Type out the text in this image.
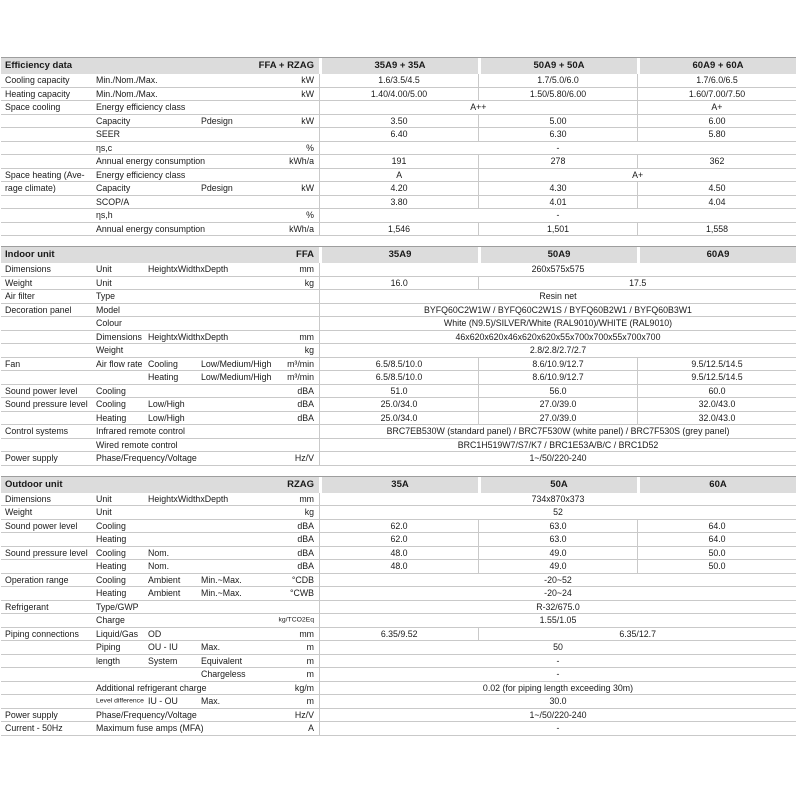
Efficiency data	FFA + RZAG	35A9 + 35A	50A9 + 50A	60A9 + 60A
Cooling capacity	Min./Nom./Max.	kW	1.6/3.5/4.5	1.7/5.0/6.0	1.7/6.0/6.5
Heating capacity	Min./Nom./Max.	kW	1.40/4.00/5.00	1.50/5.80/6.00	1.60/7.00/7.50
Space cooling	Energy efficiency class	A++	A+
Capacity	Pdesign	kW	3.50	5.00	6.00
SEER	6.40	6.30	5.80
ηs,c	%	-
Annual energy consumption	kWh/a	191	278	362
Space heating (Ave- Energy efficiency class	A	A+
rage climate)	Capacity	Pdesign	kW	4.20	4.30	4.50
SCOP/A	3.80	4.01	4.04
ηs,h	%	-
Annual energy consumption	kWh/a	1,546	1,501	1,558
Indoor unit	FFA	35A9	50A9	60A9
Dimensions	Unit	HeightxWidthxDepth	mm	260x575x575
Weight	Unit	kg	16.0	17.5
Air filter	Type	Resin net
Decoration panel	Model	BYFQ60C2W1W / BYFQ60C2W1S / BYFQ60B2W1 / BYFQ60B3W1
Colour	White (N9.5)/SILVER/White (RAL9010)/WHITE (RAL9010)
Dimensions HeightxWidthxDepth	mm	46x620x620x46x620x620x55x700x700x55x700x700
Weight	kg	2.8/2.8/2.7/2.7
Fan	Air flow rate Cooling	Low/Medium/High m³/min	6.5/8.5/10.0	8.6/10.9/12.7	9.5/12.5/14.5
Heating	Low/Medium/High m³/min	6.5/8.5/10.0	8.6/10.9/12.7	9.5/12.5/14.5
Sound power level Cooling	dBA	51.0	56.0	60.0
Sound pressure level Cooling	Low/High	dBA	25.0/34.0	27.0/39.0	32.0/43.0
Heating Low/High	dBA	25.0/34.0	27.0/39.0	32.0/43.0
Control systems	Infrared remote control	BRC7EB530W (standard panel) / BRC7F530W (white panel) / BRC7F530S (grey panel)
Wired remote control	BRC1H519W7/S7/K7 / BRC1E53A/B/C / BRC1D52
Power supply	Phase/Frequency/Voltage	Hz/V	1~/50/220-240
Outdoor unit	RZAG	35A	50A	60A
Dimensions	Unit	HeightxWidthxDepth	mm	734x870x373
Weight	Unit	kg	52
Sound power level Cooling	dBA	62.0	63.0	64.0
Heating	dBA	62.0	63.0	64.0
Sound pressure level Cooling	Nom.	dBA	48.0	49.0	50.0
Heating Nom.	dBA	48.0	49.0	50.0
Operation range	Cooling	Ambient Min.~Max.	°CDB	-20~52
Heating Ambient Min.~Max.	°CWB	-20~24
Refrigerant	Type/GWP	R-32/675.0
Charge	kg/TCO2Eq	1.55/1.05
Piping connections Liquid/Gas OD	mm	6.35/9.52	6.35/12.7
Piping	OU - IU	Max.	m	50
length	System	Equivalent	m	-
Chargeless	m	-
Additional refrigerant charge	kg/m	0.02 (for piping length exceeding 30m)
Level difference IU - OU	Max.	m	30.0
Power supply	Phase/Frequency/Voltage	Hz/V	1~/50/220-240
Current - 50Hz	Maximum fuse amps (MFA)	A	-
